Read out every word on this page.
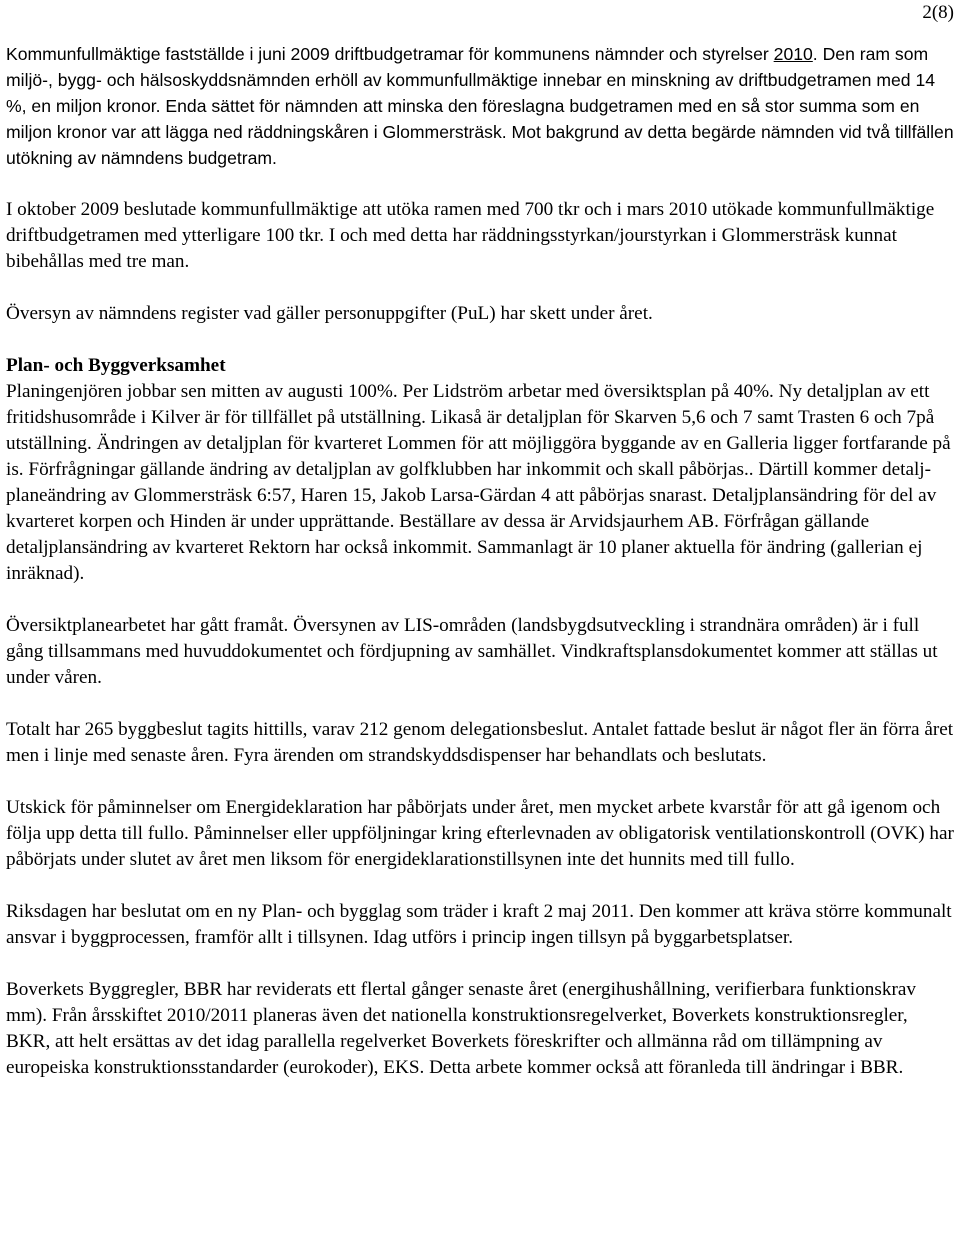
2(8)

Kommunfullmäktige fastställde i juni 2009 driftbudgetramar för kommunens nämnder och styrelser 2010. Den ram som miljö-, bygg- och hälsoskyddsnämnden erhöll av kommunfullmäktige innebar en minskning av driftbudgetramen med 14 %, en miljon kronor. Enda sättet för nämnden att minska den föreslagna budgetramen med en så stor summa som en miljon kronor var att lägga ned räddningskåren i Glommersträsk. Mot bakgrund av detta begärde nämnden vid två tillfällen utökning av nämndens budgetram.

I oktober 2009 beslutade kommunfullmäktige att utöka ramen med 700 tkr och i mars 2010 utökade kommunfullmäktige driftbudgetramen med ytterligare 100 tkr. I och med detta har räddningsstyrkan/jourstyrkan i Glommersträsk kunnat bibehållas med tre man.

Översyn av nämndens register vad gäller personuppgifter (PuL) har skett under året.

Plan- och Byggverksamhet

Planingenjören jobbar sen mitten av augusti 100%. Per Lidström arbetar med översiktsplan på 40%. Ny detaljplan av ett fritidshusområde i Kilver är för tillfället på utställning. Likaså är detaljplan för Skarven 5,6 och 7 samt Trasten 6 och 7på utställning. Ändringen av detaljplan för kvarteret Lommen för att möjliggöra byggande av en Galleria ligger fortfarande på is. Förfrågningar gällande ändring av detaljplan av golfklubben har inkommit och skall påbörjas.. Därtill kommer detalj-planeändring av Glommersträsk 6:57, Haren 15, Jakob Larsa-Gärdan 4 att påbörjas snarast. Detaljplansändring för del av kvarteret korpen och Hinden är under upprättande. Beställare av dessa är Arvidsjaurhem AB. Förfrågan gällande detaljplansändring av kvarteret Rektorn har också inkommit. Sammanlagt är 10 planer aktuella för ändring (gallerian ej inräknad).

Översiktplanearbetet har gått framåt. Översynen av LIS-områden (landsbygdsutveckling i strandnära områden) är i full gång tillsammans med huvuddokumentet och fördjupning av samhället. Vindkraftsplansdokumentet kommer att ställas ut under våren.

Totalt har 265 byggbeslut tagits hittills, varav 212 genom delegationsbeslut. Antalet fattade beslut är något fler än förra året men i linje med senaste åren. Fyra ärenden om strandskyddsdispenser har behandlats och beslutats.

Utskick för påminnelser om Energideklaration har påbörjats under året, men mycket arbete kvarstår för att gå igenom och följa upp detta till fullo. Påminnelser eller uppföljningar kring efterlevnaden av obligatorisk ventilationskontroll (OVK) har påbörjats under slutet av året men liksom för energideklarationstillsynen inte det hunnits med till fullo.

Riksdagen har beslutat om en ny Plan- och bygglag som träder i kraft 2 maj 2011. Den kommer att kräva större kommunalt ansvar i byggprocessen, framför allt i tillsynen. Idag utförs i princip ingen tillsyn på byggarbetsplatser.

Boverkets Byggregler, BBR har reviderats ett flertal gånger senaste året (energihushållning, verifierbara funktionskrav mm). Från årsskiftet 2010/2011 planeras även det nationella konstruktionsregelverket, Boverkets konstruktionsregler, BKR, att helt ersättas av det idag parallella regelverket Boverkets föreskrifter och allmänna råd om tillämpning av europeiska konstruktionsstandarder (eurokoder), EKS. Detta arbete kommer också att föranleda till ändringar i BBR.
